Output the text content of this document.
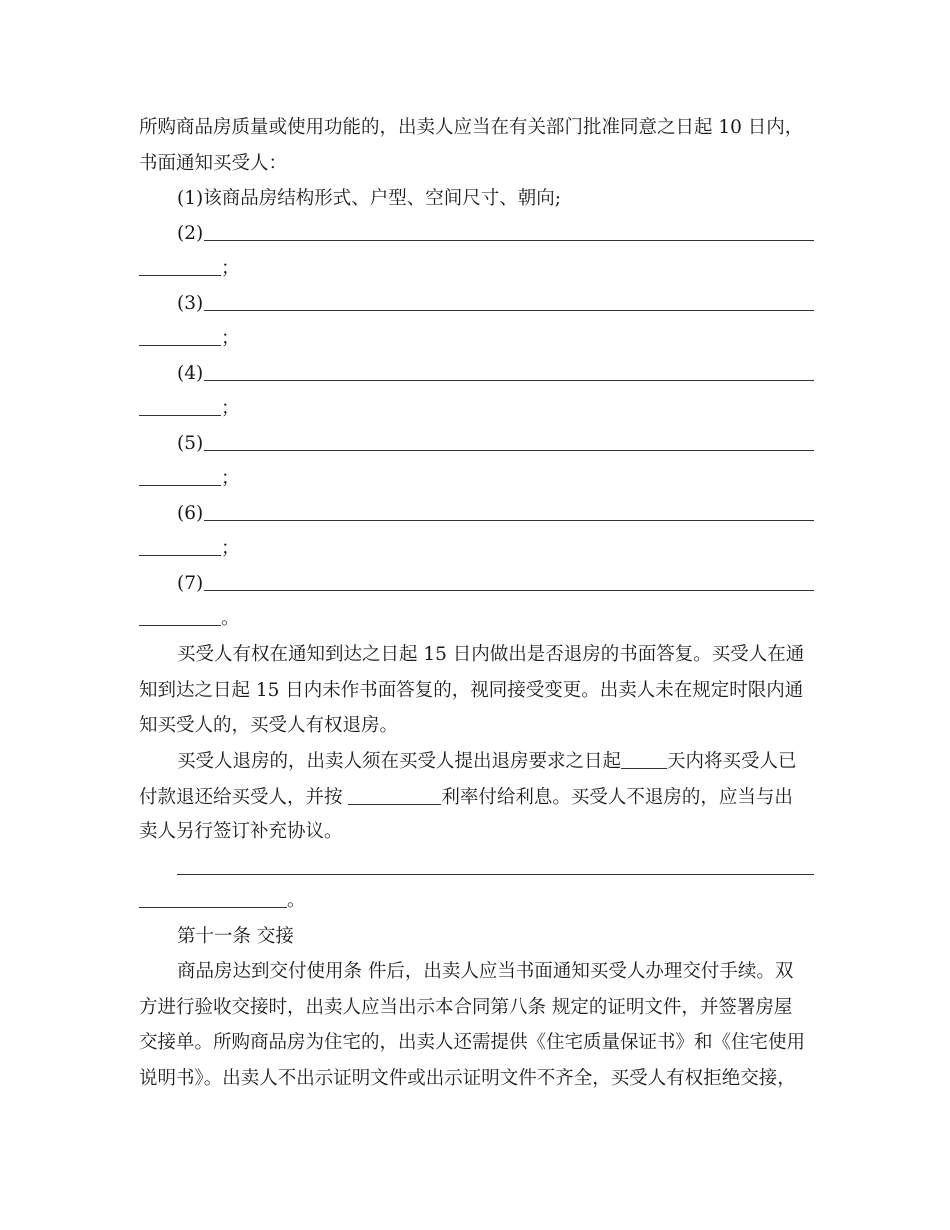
所购商品房质量或使用功能的，出卖人应当在有关部门批准同意之日起 10 日内，
书面通知买受人：
(1)该商品房结构形式、户型、空间尺寸、朝向;
(2)
；
(3)
；
(4)
；
(5)
；
(6)
；
(7)
。
买受人有权在通知到达之日起 15 日内做出是否退房的书面答复。买受人在通
知到达之日起 15 日内未作书面答复的，视同接受变更。出卖人未在规定时限内通
知买受人的，买受人有权退房。
买受人退房的，出卖人须在买受人提出退房要求之日起 天内将买受人已
付款退还给买受人，并按	利率付给利息。买受人不退房的，应当与出
卖人另行签订补充协议。
。
第十一条 交接
商品房达到交付使用条 件后，出卖人应当书面通知买受人办理交付手续。双
方进行验收交接时，出卖人应当出示本合同第八条 规定的证明文件，并签署房屋
交接单。所购商品房为住宅的，出卖人还需提供《住宅质量保证书》和《住宅使用
说明书》。出卖人不出示证明文件或出示证明文件不齐全，买受人有权拒绝交接，
